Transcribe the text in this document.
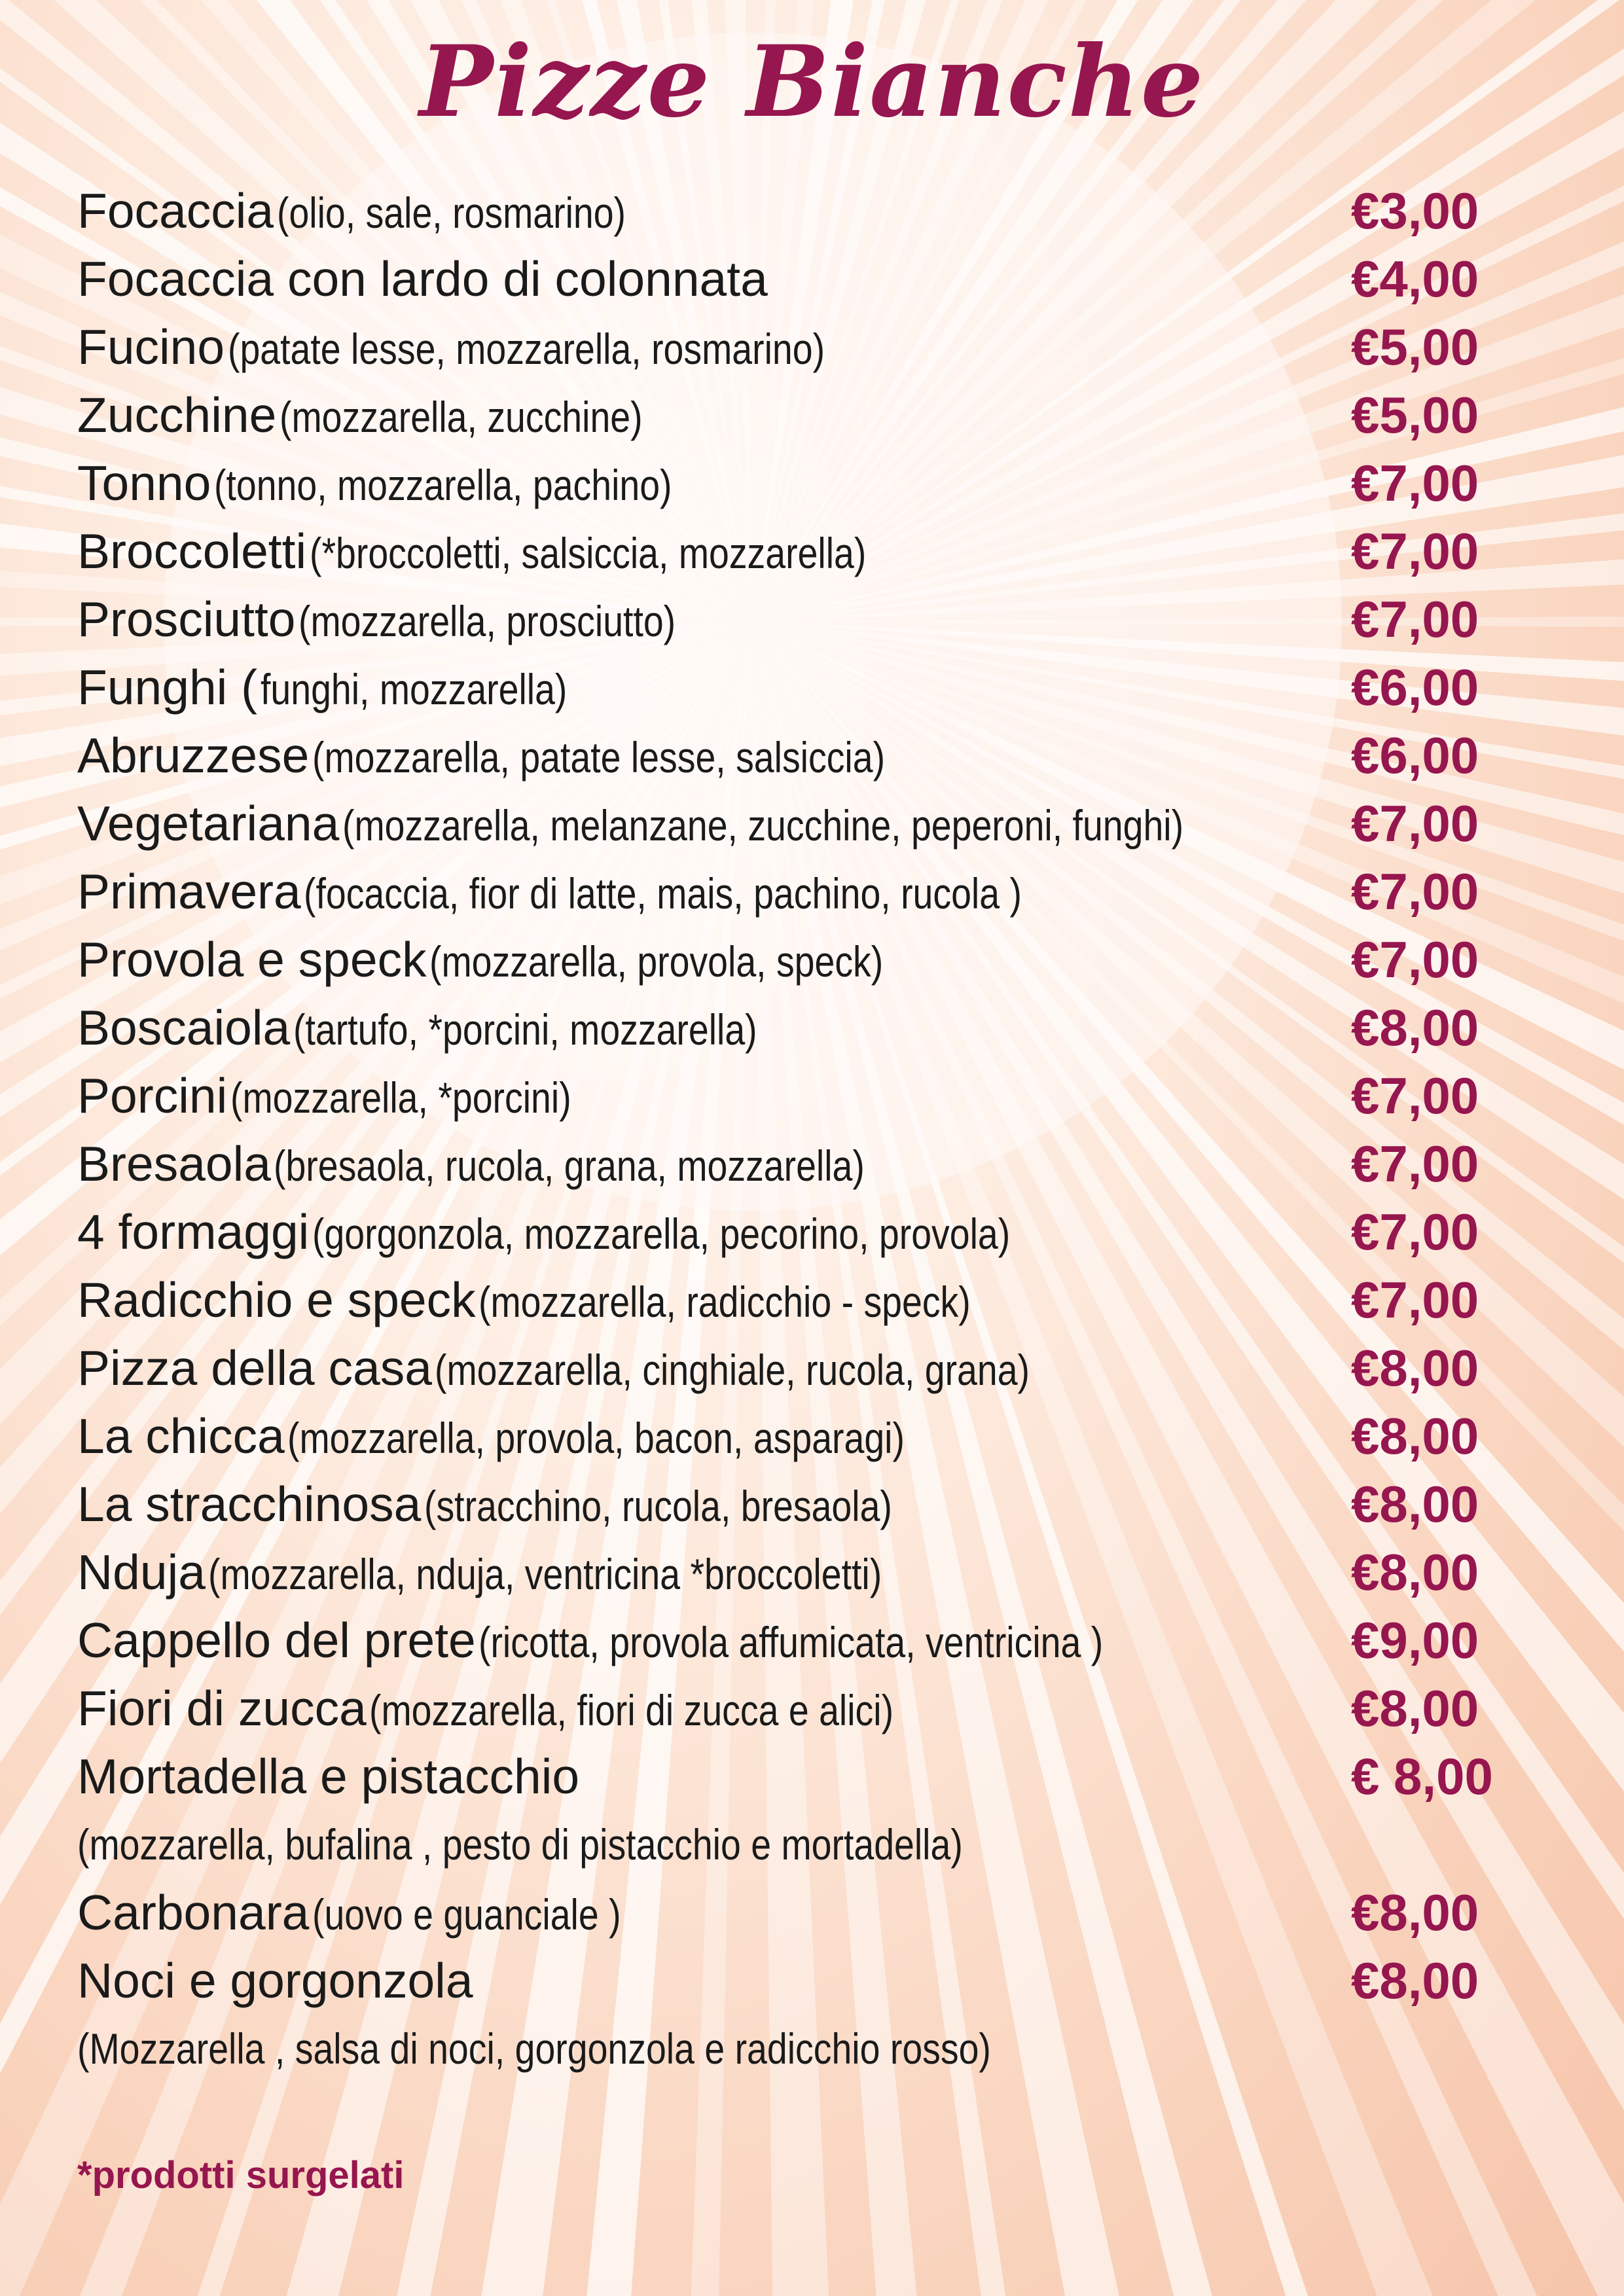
Pizze Bianche
Focaccia (olio, sale, rosmarino)	€3,00
Focaccia con lardo di colonnata	€4,00
Fucino (patate lesse, mozzarella, rosmarino)	€5,00
Zucchine (mozzarella, zucchine)	€5,00
Tonno (tonno, mozzarella, pachino)	€7,00
Broccoletti (*broccoletti, salsiccia, mozzarella)	€7,00
Prosciutto (mozzarella, prosciutto)	€7,00
Funghi ( funghi, mozzarella)	€6,00
Abruzzese (mozzarella, patate lesse, salsiccia)	€6,00
Vegetariana (mozzarella, melanzane, zucchine, peperoni, funghi)	€7,00
Primavera (focaccia, fior di latte, mais, pachino, rucola )	€7,00
Provola e speck (mozzarella, provola, speck)	€7,00
Boscaiola (tartufo, *porcini, mozzarella)	€8,00
Porcini (mozzarella, *porcini)	€7,00
Bresaola (bresaola, rucola, grana, mozzarella)	€7,00
4 formaggi (gorgonzola, mozzarella, pecorino, provola)	€7,00
Radicchio e speck (mozzarella, radicchio - speck)	€7,00
Pizza della casa (mozzarella, cinghiale, rucola, grana)	€8,00
La chicca (mozzarella, provola, bacon, asparagi)	€8,00
La stracchinosa (stracchino, rucola, bresaola)	€8,00
Nduja (mozzarella, nduja, ventricina *broccoletti)	€8,00
Cappello del prete (ricotta, provola affumicata, ventricina )	€9,00
Fiori di zucca (mozzarella, fiori di zucca e alici)	€8,00
Mortadella e pistacchio	€ 8,00
(mozzarella, bufalina , pesto di pistacchio e mortadella)
Carbonara (uovo e guanciale )	€8,00
Noci e gorgonzola	€8,00
(Mozzarella , salsa di noci, gorgonzola e radicchio rosso)
*prodotti surgelati
